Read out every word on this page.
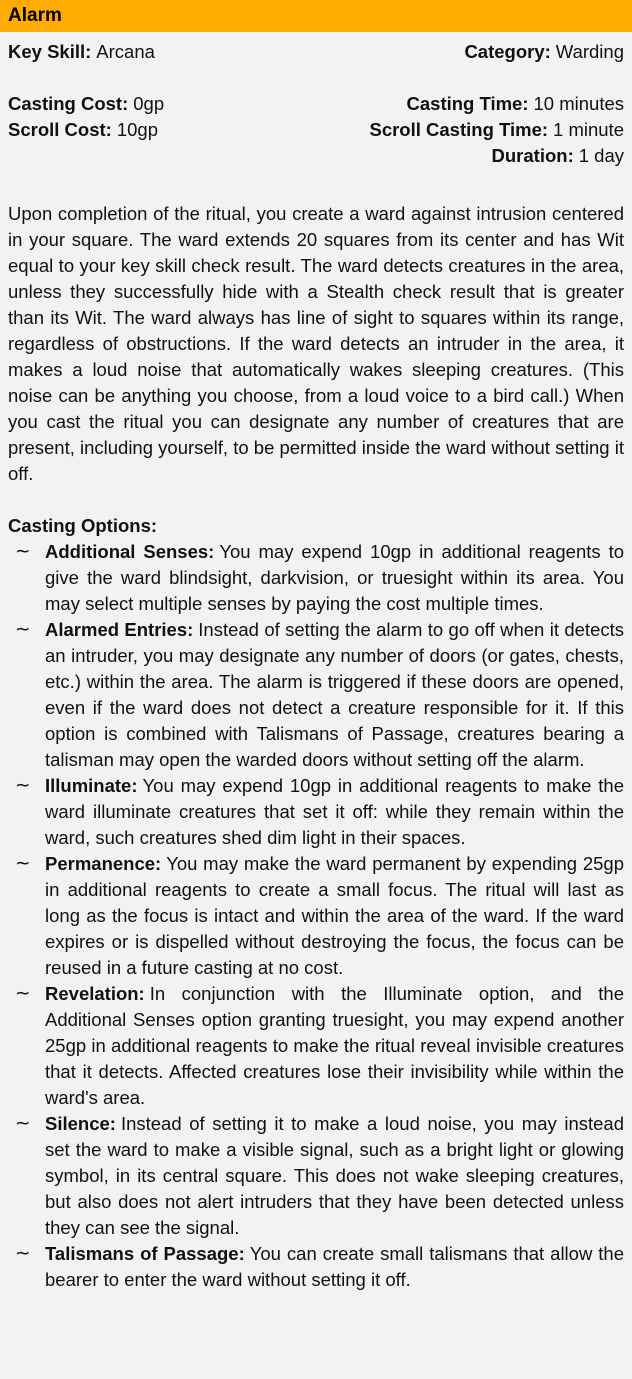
Alarm
Key Skill: Arcana	Category: Warding
Casting Cost: 0gp	Casting Time: 10 minutes
Scroll Cost: 10gp	Scroll Casting Time: 1 minute
Duration: 1 day

Upon completion of the ritual, you create a ward against intrusion centered in your square. The ward extends 20 squares from its center and has Wit equal to your key skill check result. The ward detects creatures in the area, unless they successfully hide with a Stealth check result that is greater than its Wit. The ward always has line of sight to squares within its range, regardless of obstructions. If the ward detects an intruder in the area, it makes a loud noise that automatically wakes sleeping creatures. (This noise can be anything you choose, from a loud voice to a bird call.) When you cast the ritual you can designate any number of creatures that are present, including yourself, to be permitted inside the ward without setting it off.

Casting Options:
∼ Additional Senses: You may expend 10gp in additional reagents to give the ward blindsight, darkvision, or truesight within its area. You may select multiple senses by paying the cost multiple times.
∼ Alarmed Entries: Instead of setting the alarm to go off when it detects an intruder, you may designate any number of doors (or gates, chests, etc.) within the area. The alarm is triggered if these doors are opened, even if the ward does not detect a creature responsible for it. If this option is combined with Talismans of Passage, creatures bearing a talisman may open the warded doors without setting off the alarm.
∼ Illuminate: You may expend 10gp in additional reagents to make the ward illuminate creatures that set it off: while they remain within the ward, such creatures shed dim light in their spaces.
∼ Permanence: You may make the ward permanent by expending 25gp in additional reagents to create a small focus. The ritual will last as long as the focus is intact and within the area of the ward. If the ward expires or is dispelled without destroying the focus, the focus can be reused in a future casting at no cost.
∼ Revelation: In conjunction with the Illuminate option, and the Additional Senses option granting truesight, you may expend another 25gp in additional reagents to make the ritual reveal invisible creatures that it detects. Affected creatures lose their invisibility while within the ward's area.
∼ Silence: Instead of setting it to make a loud noise, you may instead set the ward to make a visible signal, such as a bright light or glowing symbol, in its central square. This does not wake sleeping creatures, but also does not alert intruders that they have been detected unless they can see the signal.
∼ Talismans of Passage: You can create small talismans that allow the bearer to enter the ward without setting it off.
